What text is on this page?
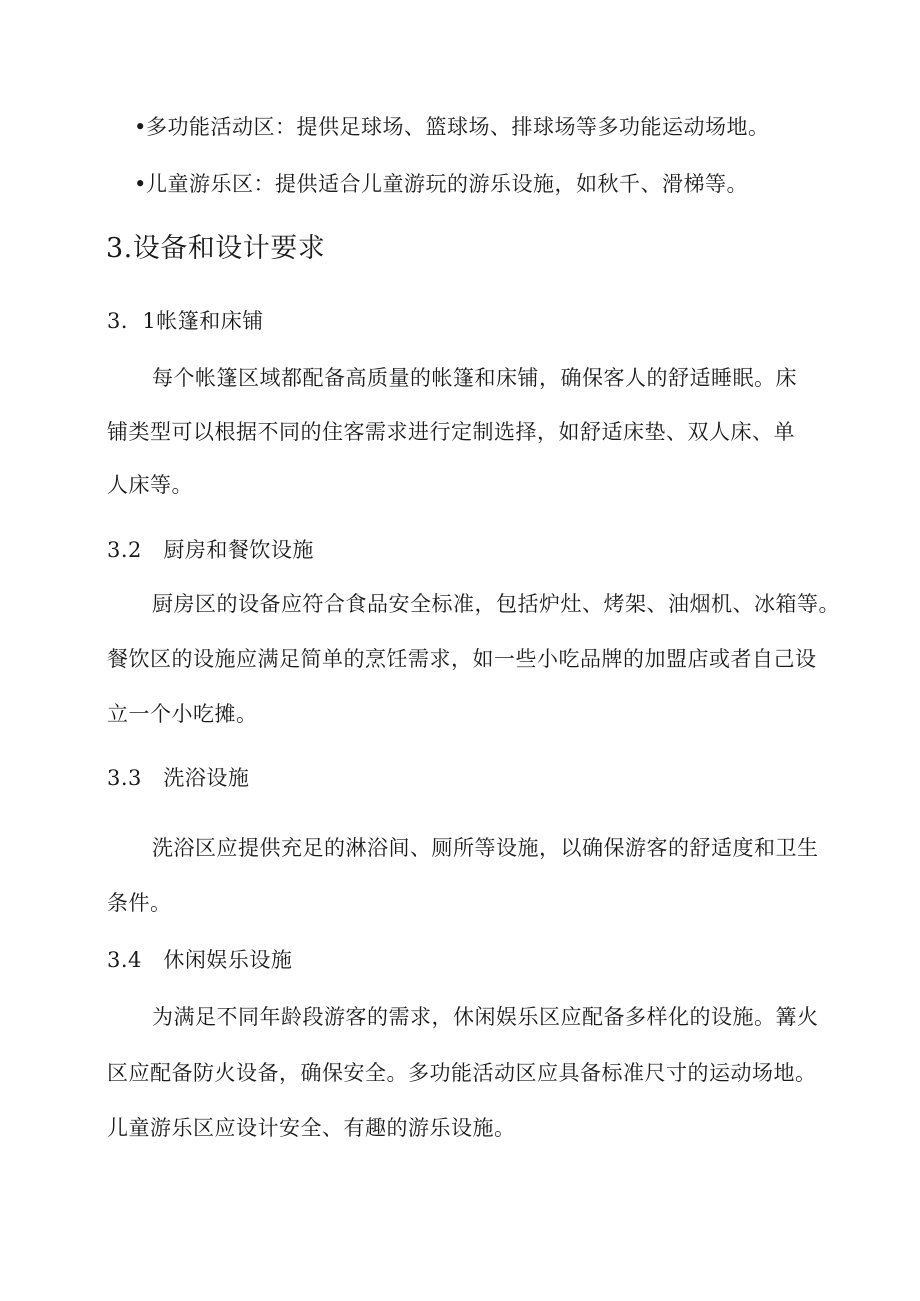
•多功能活动区：提供足球场、篮球场、排球场等多功能运动场地。
•儿童游乐区：提供适合儿童游玩的游乐设施，如秋千、滑梯等。
3.设备和设计要求
3．1帐篷和床铺
每个帐篷区域都配备高质量的帐篷和床铺，确保客人的舒适睡眠。床
铺类型可以根据不同的住客需求进行定制选择，如舒适床垫、双人床、单
人床等。
3.2　厨房和餐饮设施
厨房区的设备应符合食品安全标准，包括炉灶、烤架、油烟机、冰箱等。
餐饮区的设施应满足简单的烹饪需求，如一些小吃品牌的加盟店或者自己设
立一个小吃摊。
3.3　洗浴设施
洗浴区应提供充足的淋浴间、厕所等设施，以确保游客的舒适度和卫生
条件。
3.4　休闲娱乐设施
为满足不同年龄段游客的需求，休闲娱乐区应配备多样化的设施。篝火
区应配备防火设备，确保安全。多功能活动区应具备标准尺寸的运动场地。
儿童游乐区应设计安全、有趣的游乐设施。
